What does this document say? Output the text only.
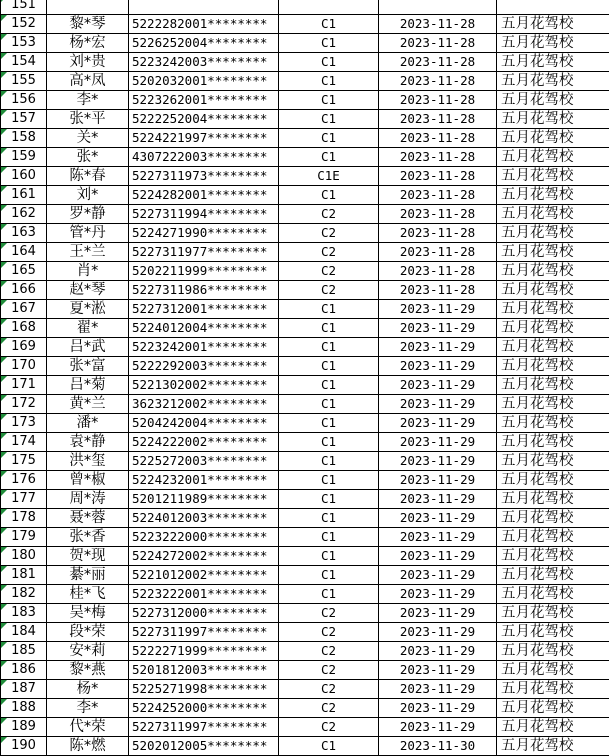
151					
152	黎*琴	5222282001********	C1	2023-11-28	五月花驾校
153	杨*宏	5226252004********	C1	2023-11-28	五月花驾校
154	刘*贵	5223242003********	C1	2023-11-28	五月花驾校
155	高*凤	5202032001********	C1	2023-11-28	五月花驾校
156	李*	5223262001********	C1	2023-11-28	五月花驾校
157	张*平	5222252004********	C1	2023-11-28	五月花驾校
158	关*	5224221997********	C1	2023-11-28	五月花驾校
159	张*	4307222003********	C1	2023-11-28	五月花驾校
160	陈*春	5227311973********	C1E	2023-11-28	五月花驾校
161	刘*	5224282001********	C1	2023-11-28	五月花驾校
162	罗*静	5227311994********	C2	2023-11-28	五月花驾校
163	管*丹	5224271990********	C2	2023-11-28	五月花驾校
164	王*兰	5227311977********	C2	2023-11-28	五月花驾校
165	肖*	5202211999********	C2	2023-11-28	五月花驾校
166	赵*琴	5227311986********	C2	2023-11-28	五月花驾校
167	夏*淞	5227312001********	C1	2023-11-29	五月花驾校
168	翟*	5224012004********	C1	2023-11-29	五月花驾校
169	吕*武	5223242001********	C1	2023-11-29	五月花驾校
170	张*富	5222292003********	C1	2023-11-29	五月花驾校
171	吕*菊	5221302002********	C1	2023-11-29	五月花驾校
172	黄*兰	3623212002********	C1	2023-11-29	五月花驾校
173	潘*	5204242004********	C1	2023-11-29	五月花驾校
174	袁*静	5224222002********	C1	2023-11-29	五月花驾校
175	洪*玺	5225272003********	C1	2023-11-29	五月花驾校
176	曾*椒	5224232001********	C1	2023-11-29	五月花驾校
177	周*涛	5201211989********	C1	2023-11-29	五月花驾校
178	聂*蓉	5224012003********	C1	2023-11-29	五月花驾校
179	张*香	5223222000********	C1	2023-11-29	五月花驾校
180	贺*现	5224272002********	C1	2023-11-29	五月花驾校
181	綦*丽	5221012002********	C1	2023-11-29	五月花驾校
182	桂*飞	5223222001********	C1	2023-11-29	五月花驾校
183	吴*梅	5227312000********	C2	2023-11-29	五月花驾校
184	段*荣	5227311997********	C2	2023-11-29	五月花驾校
185	安*莉	5222271999********	C2	2023-11-29	五月花驾校
186	黎*燕	5201812003********	C2	2023-11-29	五月花驾校
187	杨*	5225271998********	C2	2023-11-29	五月花驾校
188	李*	5224252000********	C2	2023-11-29	五月花驾校
189	代*荣	5227311997********	C2	2023-11-29	五月花驾校
190	陈*燃	5202012005********	C1	2023-11-30	五月花驾校
